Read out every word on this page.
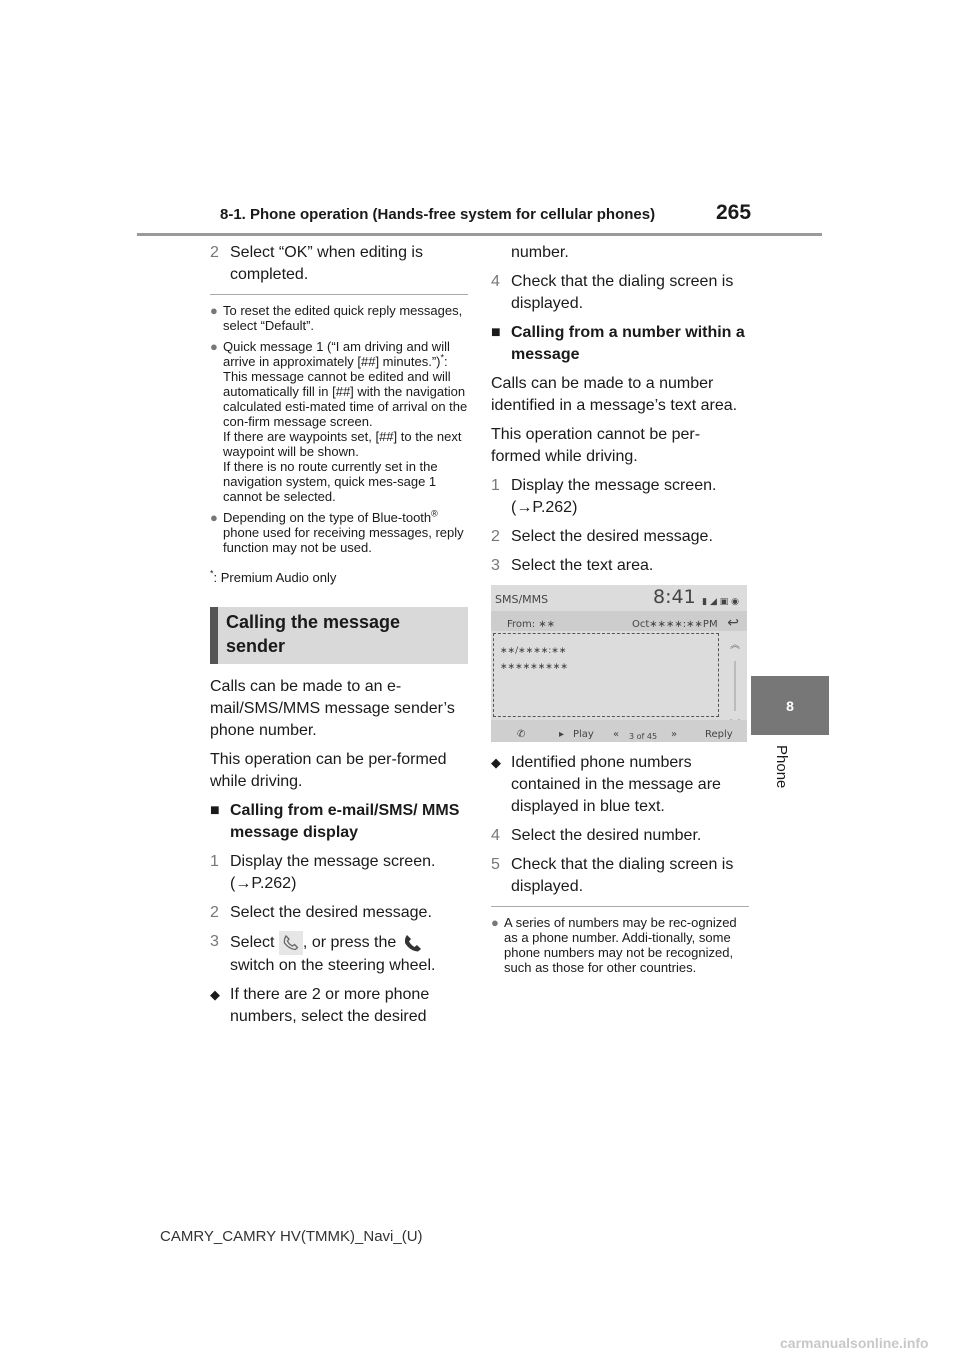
8-1. Phone operation (Hands-free system for cellular phones)	265
8
Phone
2 Select “OK” when editing is completed.
● To reset the edited quick reply messages, select “Default”.
● Quick message 1 (“I am driving and will arrive in approximately [##] minutes.”)*:
This message cannot be edited and will automatically fill in [##] with the navigation calculated esti-mated time of arrival on the con-firm message screen.
If there are waypoints set, [##] to the next waypoint will be shown.
If there is no route currently set in the navigation system, quick mes-sage 1 cannot be selected.
● Depending on the type of Blue-tooth® phone used for receiving messages, reply function may not be used.
*: Premium Audio only
Calling the message sender

Calls can be made to an e-mail/SMS/MMS message sender’s phone number.

This operation can be per-formed while driving.

■ Calling from e-mail/SMS/ MMS message display
1 Display the message screen.
(→P.262)
2 Select the desired message.
3 Select , or press the
switch on the steering wheel.
◆ If there are 2 or more phone numbers, select the desired
number.
4 Check that the dialing screen is displayed.
■ Calling from a number within a message

Calls can be made to a number identified in a message’s text area.

This operation cannot be per-formed while driving.

1 Display the message screen.
(→P.262)
2 Select the desired message.
3 Select the text area.
SMS/MMS	8:41 ▮ ◢ ▣ ◉
From: ∗∗	Oct∗∗∗∗:∗∗PM ↩
∗∗/∗∗∗∗:∗∗
∗∗∗∗∗∗∗∗∗
︽
✆	▸ Play « 3 of 45 »	Reply
◆ Identified phone numbers contained in the message are displayed in blue text.
4 Select the desired number.
5 Check that the dialing screen is displayed.
● A series of numbers may be rec-ognized as a phone number. Addi-tionally, some phone numbers may not be recognized, such as those for other countries.
CAMRY_CAMRY HV(TMMK)_Navi_(U)
carmanualsonline.info
